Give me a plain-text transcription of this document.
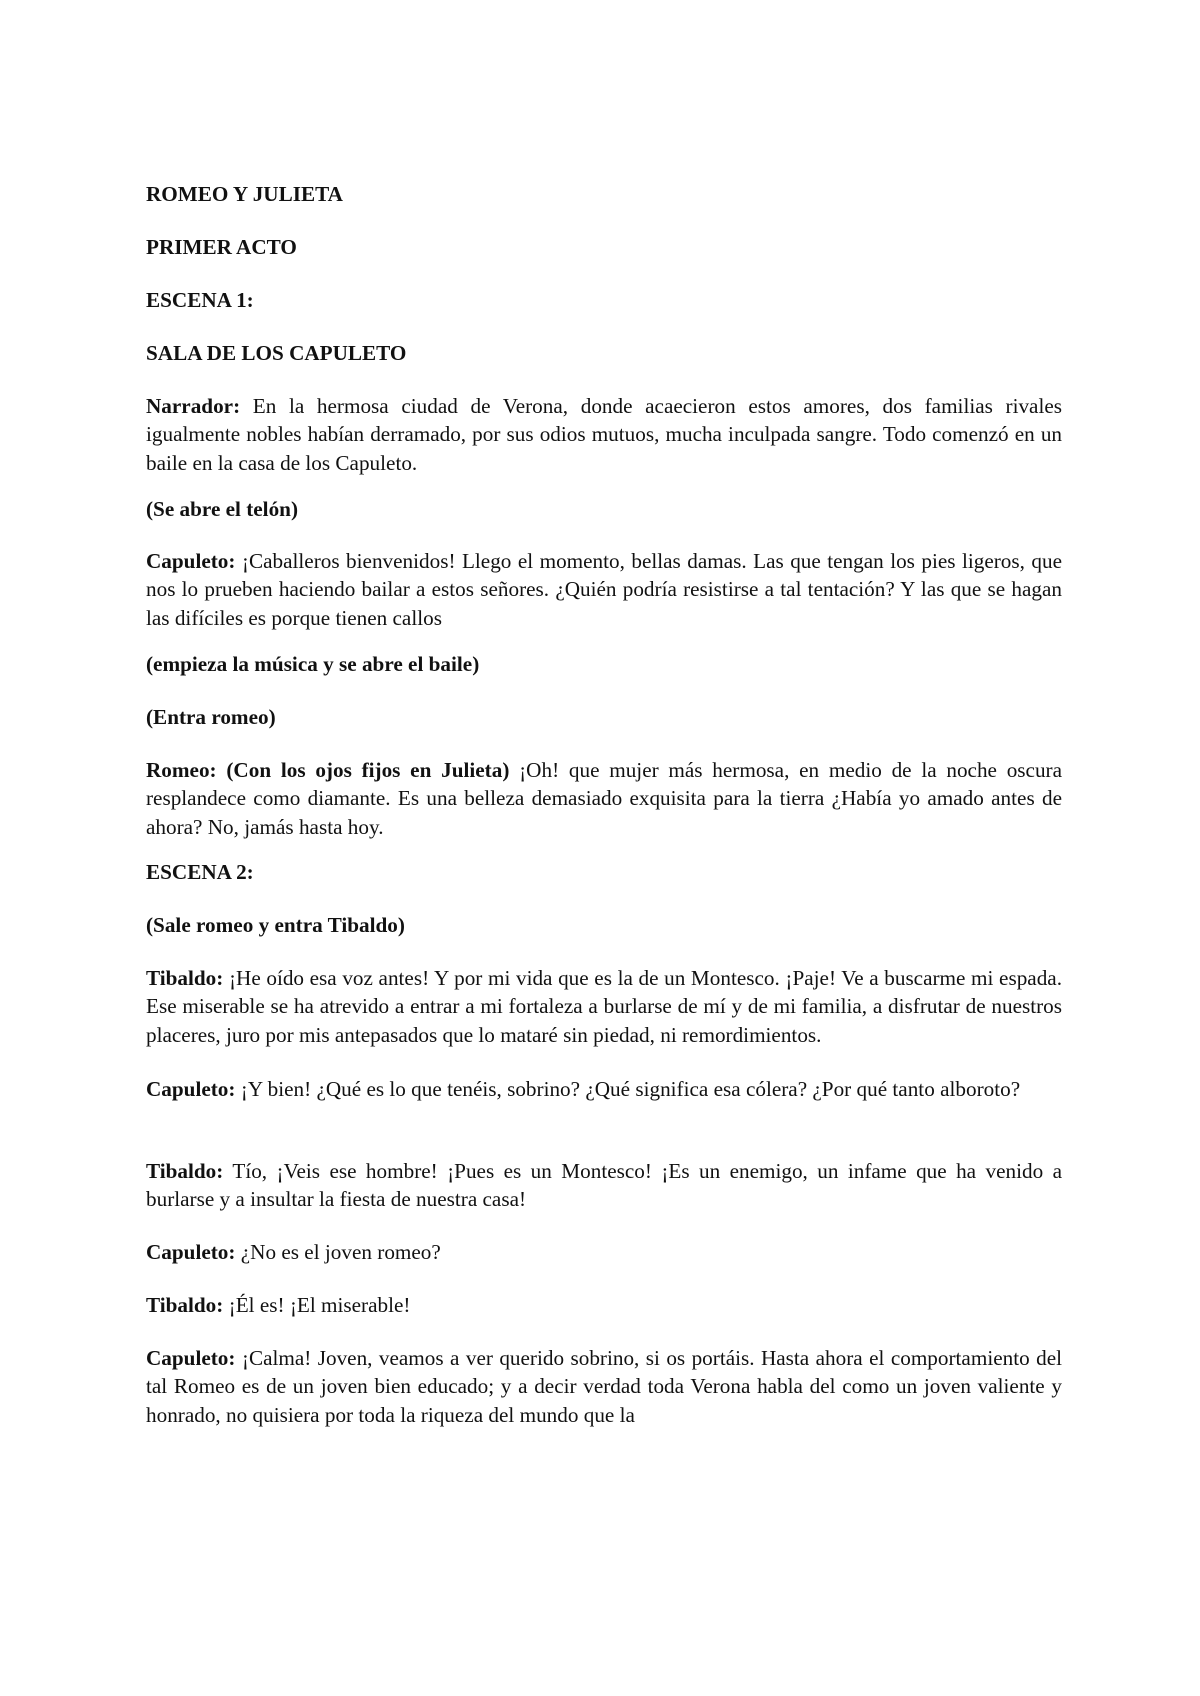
ROMEO Y JULIETA

PRIMER ACTO

ESCENA 1:

SALA DE LOS CAPULETO

Narrador: En la hermosa ciudad de Verona, donde acaecieron estos amores, dos familias rivales igualmente nobles habían derramado, por sus odios mutuos, mucha inculpada sangre. Todo comenzó en un baile en la casa de los Capuleto.

(Se abre el telón)

Capuleto: ¡Caballeros bienvenidos! Llego el momento, bellas damas. Las que tengan los pies ligeros, que nos lo prueben haciendo bailar a estos señores. ¿Quién podría resistirse a tal tentación? Y las que se hagan las difíciles es porque tienen callos

(empieza la música y se abre el baile)

(Entra romeo)

Romeo: (Con los ojos fijos en Julieta) ¡Oh! que mujer más hermosa, en medio de la noche oscura resplandece como diamante. Es una belleza demasiado exquisita para la tierra ¿Había yo amado antes de ahora? No, jamás hasta hoy.

ESCENA 2:

(Sale romeo y entra Tibaldo)

Tibaldo: ¡He oído esa voz antes! Y por mi vida que es la de un Montesco. ¡Paje! Ve a buscarme mi espada. Ese miserable se ha atrevido a entrar a mi fortaleza a burlarse de mí y de mi familia, a disfrutar de nuestros placeres, juro por mis antepasados que lo mataré sin piedad, ni remordimientos.

Capuleto: ¡Y bien! ¿Qué es lo que tenéis, sobrino? ¿Qué significa esa cólera? ¿Por qué tanto alboroto?

Tibaldo: Tío, ¡Veis ese hombre! ¡Pues es un Montesco! ¡Es un enemigo, un infame que ha venido a burlarse y a insultar la fiesta de nuestra casa!

Capuleto: ¿No es el joven romeo?

Tibaldo: ¡Él es! ¡El miserable!

Capuleto: ¡Calma! Joven, veamos a ver querido sobrino, si os portáis. Hasta ahora el comportamiento del tal Romeo es de un joven bien educado; y a decir verdad toda Verona habla del como un joven valiente y honrado, no quisiera por toda la riqueza del mundo que la
